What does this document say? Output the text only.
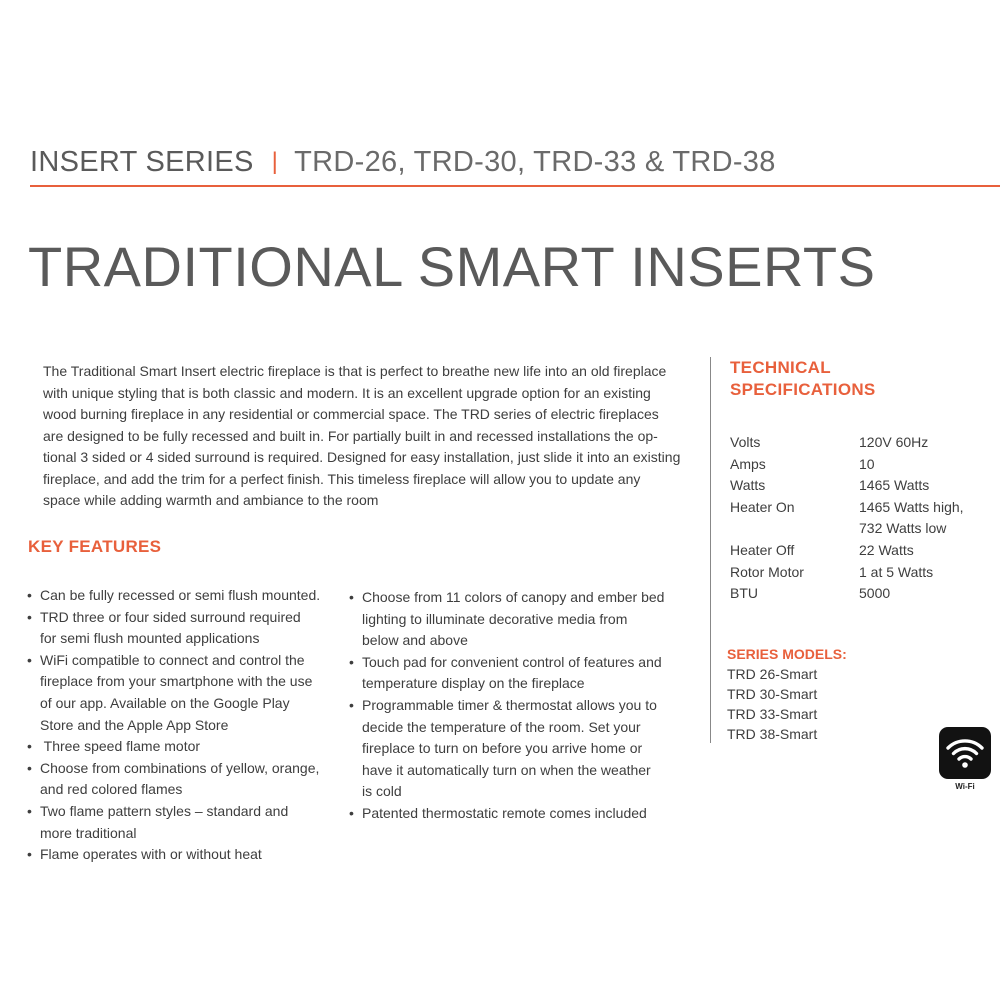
INSERT SERIES | TRD-26, TRD-30, TRD-33 & TRD-38
TRADITIONAL SMART INSERTS
The Traditional Smart Insert electric fireplace is that is perfect to breathe new life into an old fireplace
with unique styling that is both classic and modern. It is an excellent upgrade option for an existing
wood burning fireplace in any residential or commercial space. The TRD series of electric fireplaces
are designed to be fully recessed and built in. For partially built in and recessed installations the op-
tional 3 sided or 4 sided surround is required. Designed for easy installation, just slide it into an existing
fireplace, and add the trim for a perfect finish. This timeless fireplace will allow you to update any
space while adding warmth and ambiance to the room
KEY FEATURES
• Can be fully recessed or semi flush mounted.
• TRD three or four sided surround required
for semi flush mounted applications
• WiFi compatible to connect and control the
fireplace from your smartphone with the use
of our app. Available on the Google Play
Store and the Apple App Store
• Three speed flame motor
• Choose from combinations of yellow, orange,
and red colored flames
• Two flame pattern styles – standard and
more traditional
• Flame operates with or without heat
• Choose from 11 colors of canopy and ember bed
lighting to illuminate decorative media from
below and above
• Touch pad for convenient control of features and
temperature display on the fireplace
• Programmable timer & thermostat allows you to
decide the temperature of the room. Set your
fireplace to turn on before you arrive home or
have it automatically turn on when the weather
is cold
• Patented thermostatic remote comes included
TECHNICAL
SPECIFICATIONS
Volts	120V 60Hz

Amps	10

Watts	1465 Watts

Heater On	1465 Watts high,
732 Watts low

Heater Off	22 Watts

Rotor Motor	1 at 5 Watts

BTU	5000
SERIES MODELS:
TRD 26-Smart
TRD 30-Smart
TRD 33-Smart
TRD 38-Smart
Wi-Fi
